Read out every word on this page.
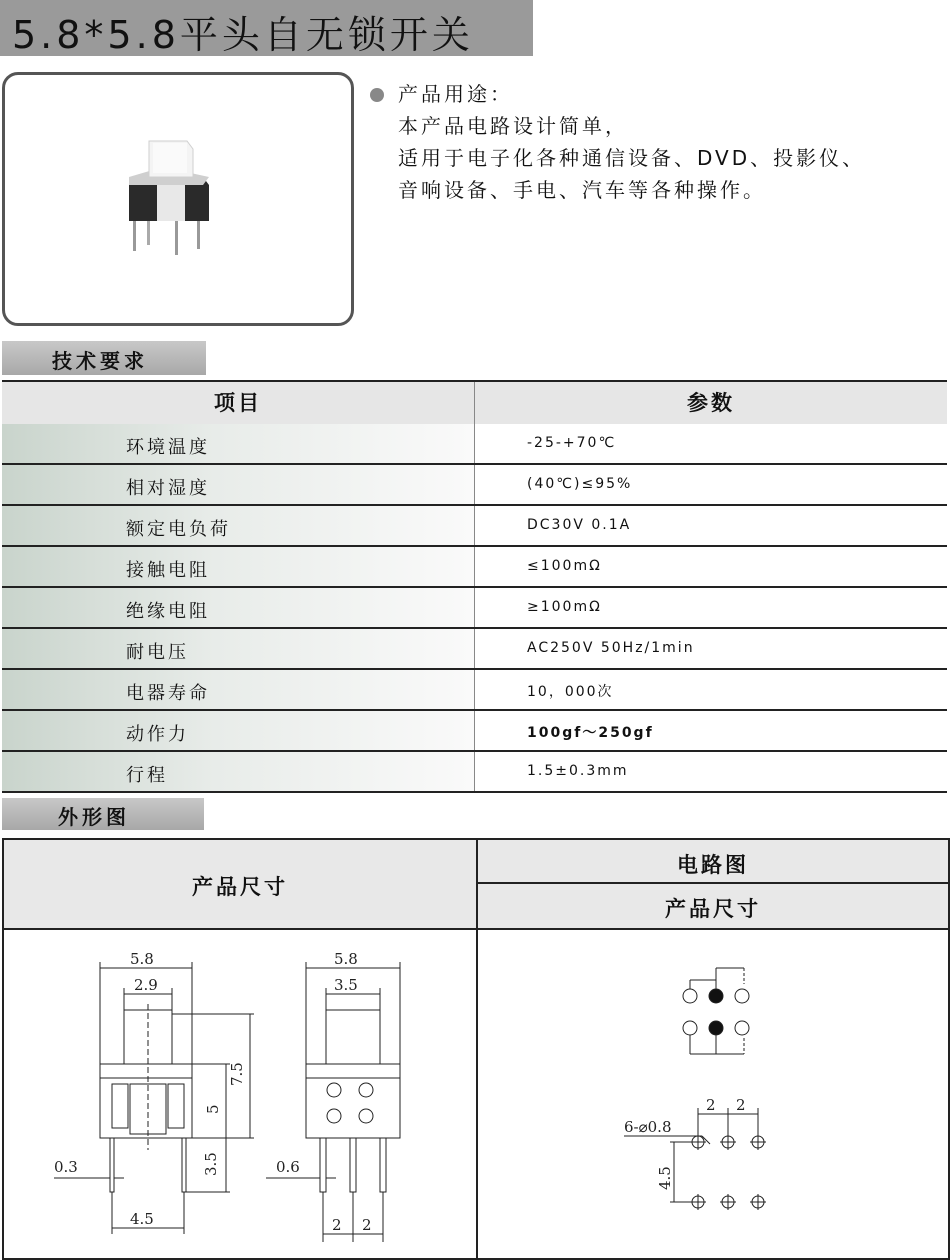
5.8*5.8平头自无锁开关
产品用途：
本产品电路设计简单，
适用于电子化各种通信设备、DVD、投影仪、
音响设备、手电、汽车等各种操作。
技术要求
项目	参数
环境温度	-25-+70℃
相对湿度	(40℃)≤95%
额定电负荷	DC30V 0.1A
接触电阻	≤100mΩ
绝缘电阻	≥100mΩ
耐电压	AC250V 50Hz/1min
电器寿命	10，000次
动作力	100gf～250gf
行程	1.5±0.3mm
外形图
产品尺寸
电路图
产品尺寸
5.8
2.9
7.5
5
3.5
0.3
4.5
5.8
3.5
0.6
2 2
6-⌀0.8
2 2
4.5
